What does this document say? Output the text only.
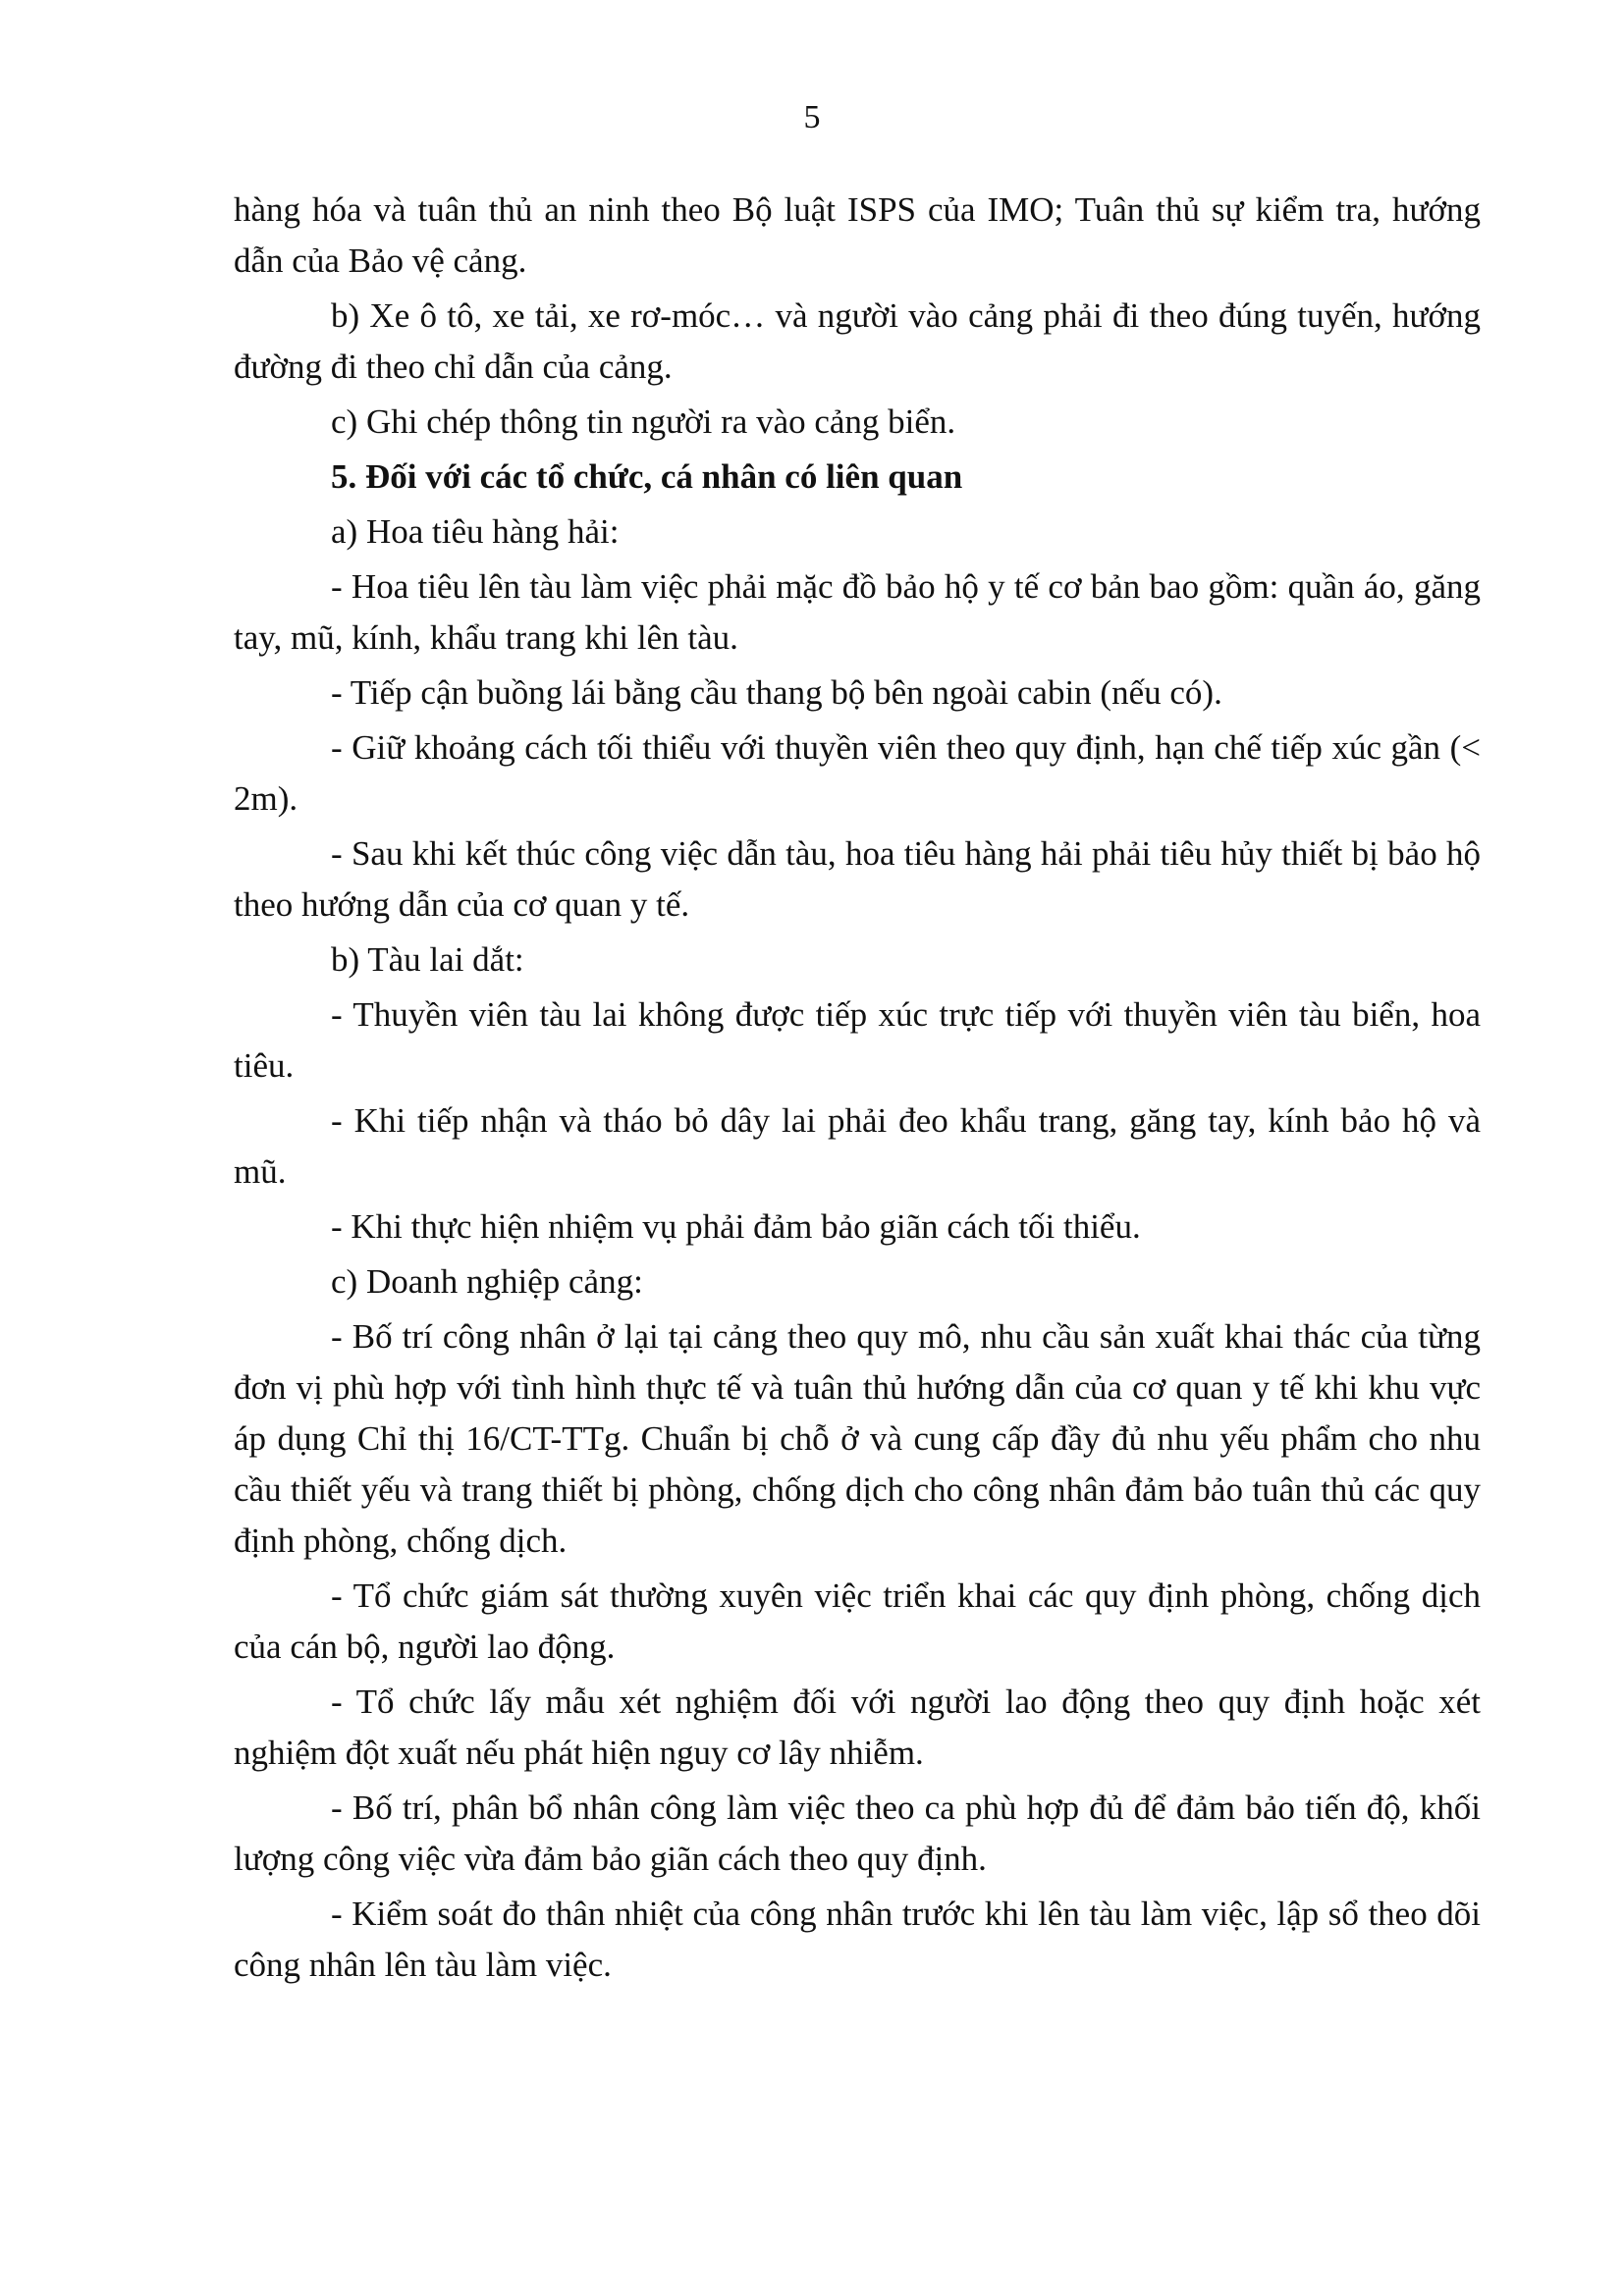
5

hàng hóa và tuân thủ an ninh theo Bộ luật ISPS của IMO; Tuân thủ sự kiểm tra, hướng dẫn của Bảo vệ cảng.

b) Xe ô tô, xe tải, xe rơ-móc… và người vào cảng phải đi theo đúng tuyến, hướng đường đi theo chỉ dẫn của cảng.

c) Ghi chép thông tin người ra vào cảng biển.

5. Đối với các tổ chức, cá nhân có liên quan

a) Hoa tiêu hàng hải:

- Hoa tiêu lên tàu làm việc phải mặc đồ bảo hộ y tế cơ bản bao gồm: quần áo, găng tay, mũ, kính, khẩu trang khi lên tàu.

- Tiếp cận buồng lái bằng cầu thang bộ bên ngoài cabin (nếu có).

- Giữ khoảng cách tối thiểu với thuyền viên theo quy định, hạn chế tiếp xúc gần (< 2m).

- Sau khi kết thúc công việc dẫn tàu, hoa tiêu hàng hải phải tiêu hủy thiết bị bảo hộ theo hướng dẫn của cơ quan y tế.

b) Tàu lai dắt:

- Thuyền viên tàu lai không được tiếp xúc trực tiếp với thuyền viên tàu biển, hoa tiêu.

- Khi tiếp nhận và tháo bỏ dây lai phải đeo khẩu trang, găng tay, kính bảo hộ và mũ.

- Khi thực hiện nhiệm vụ phải đảm bảo giãn cách tối thiểu.

c) Doanh nghiệp cảng:

- Bố trí công nhân ở lại tại cảng theo quy mô, nhu cầu sản xuất khai thác của từng đơn vị phù hợp với tình hình thực tế và tuân thủ hướng dẫn của cơ quan y tế khi khu vực áp dụng Chỉ thị 16/CT-TTg. Chuẩn bị chỗ ở và cung cấp đầy đủ nhu yếu phẩm cho nhu cầu thiết yếu và trang thiết bị phòng, chống dịch cho công nhân đảm bảo tuân thủ các quy định phòng, chống dịch.

- Tổ chức giám sát thường xuyên việc triển khai các quy định phòng, chống dịch của cán bộ, người lao động.

- Tổ chức lấy mẫu xét nghiệm đối với người lao động theo quy định hoặc xét nghiệm đột xuất nếu phát hiện nguy cơ lây nhiễm.

- Bố trí, phân bổ nhân công làm việc theo ca phù hợp đủ để đảm bảo tiến độ, khối lượng công việc vừa đảm bảo giãn cách theo quy định.

- Kiểm soát đo thân nhiệt của công nhân trước khi lên tàu làm việc, lập sổ theo dõi công nhân lên tàu làm việc.
